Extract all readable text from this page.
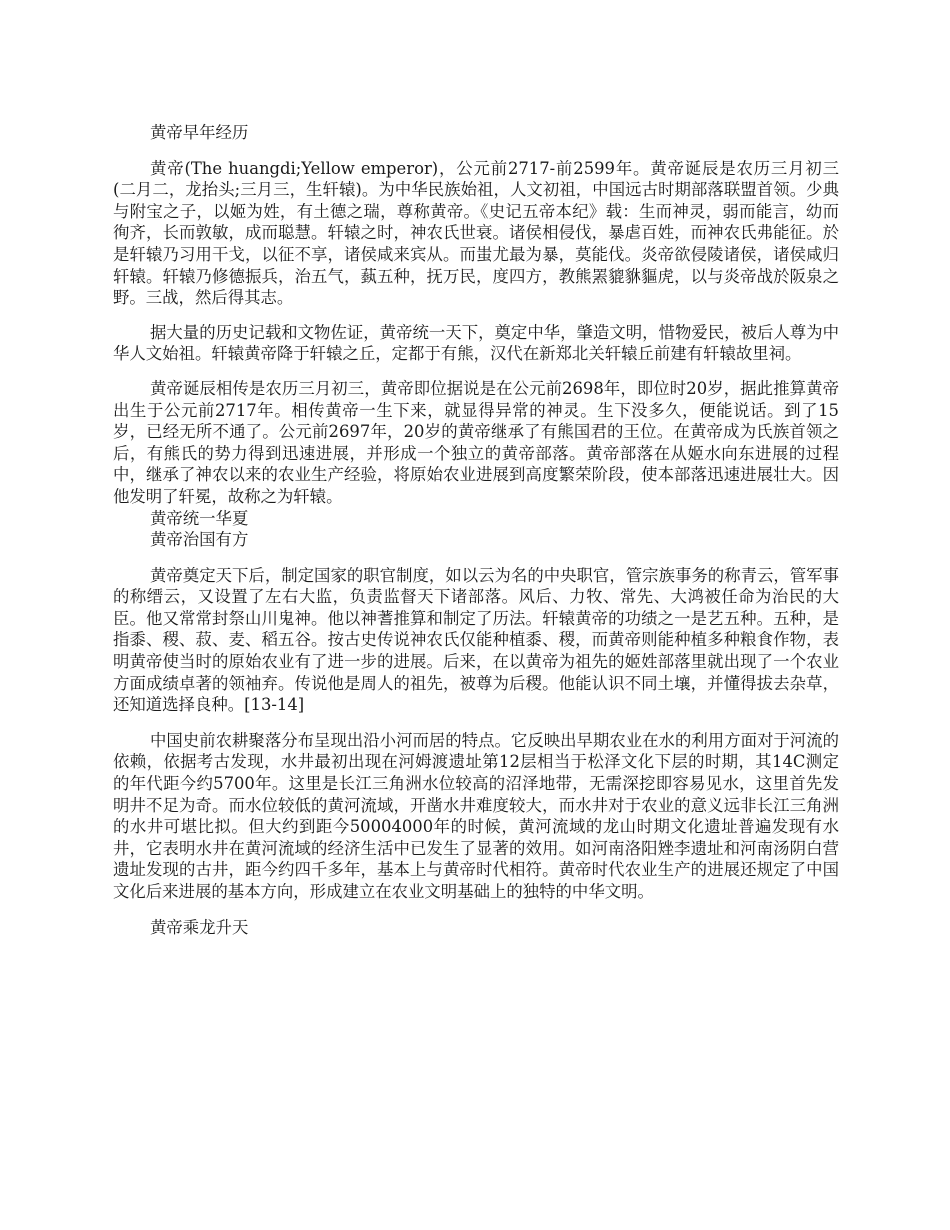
黄帝早年经历

黄帝(The huangdi;Yellow emperor)，公元前2717-前2599年。黄帝诞辰是农历三月初三(二月二，龙抬头;三月三，生轩辕)。为中华民族始祖，人文初祖，中国远古时期部落联盟首领。少典与附宝之子，以姬为姓，有土德之瑞，尊称黄帝。《史记五帝本纪》载：生而神灵，弱而能言，幼而徇齐，长而敦敏，成而聪慧。轩辕之时，神农氏世衰。诸侯相侵伐，暴虐百姓，而神农氏弗能征。於是轩辕乃习用干戈，以征不享，诸侯咸来宾从。而蚩尤最为暴，莫能伐。炎帝欲侵陵诸侯，诸侯咸归轩辕。轩辕乃修德振兵，治五气，蓺五种，抚万民，度四方，教熊罴貔貅貙虎，以与炎帝战於阪泉之野。三战，然后得其志。

据大量的历史记载和文物佐证，黄帝统一天下，奠定中华，肇造文明，惜物爱民，被后人尊为中华人文始祖。轩辕黄帝降于轩辕之丘，定都于有熊，汉代在新郑北关轩辕丘前建有轩辕故里祠。

黄帝诞辰相传是农历三月初三，黄帝即位据说是在公元前2698年，即位时20岁，据此推算黄帝出生于公元前2717年。相传黄帝一生下来，就显得异常的神灵。生下没多久，便能说话。到了15岁，已经无所不通了。公元前2697年，20岁的黄帝继承了有熊国君的王位。在黄帝成为氏族首领之后，有熊氏的势力得到迅速进展，并形成一个独立的黄帝部落。黄帝部落在从姬水向东进展的过程中，继承了神农以来的农业生产经验，将原始农业进展到高度繁荣阶段，使本部落迅速进展壮大。因他发明了轩冕，故称之为轩辕。

黄帝统一华夏

黄帝治国有方

黄帝奠定天下后，制定国家的职官制度，如以云为名的中央职官，管宗族事务的称青云，管军事的称缙云，又设置了左右大监，负责监督天下诸部落。风后、力牧、常先、大鸿被任命为治民的大臣。他又常常封祭山川鬼神。他以神蓍推算和制定了历法。轩辕黄帝的功绩之一是艺五种。五种，是指黍、稷、菽、麦、稻五谷。按古史传说神农氏仅能种植黍、稷，而黄帝则能种植多种粮食作物，表明黄帝使当时的原始农业有了进一步的进展。后来，在以黄帝为祖先的姬姓部落里就出现了一个农业方面成绩卓著的领袖弃。传说他是周人的祖先，被尊为后稷。他能认识不同土壤，并懂得拔去杂草，还知道选择良种。[13-14]

中国史前农耕聚落分布呈现出沿小河而居的特点。它反映出早期农业在水的利用方面对于河流的依赖，依据考古发现，水井最初出现在河姆渡遗址第12层相当于松泽文化下层的时期，其14C测定的年代距今约5700年。这里是长江三角洲水位较高的沼泽地带，无需深挖即容易见水，这里首先发明井不足为奇。而水位较低的黄河流域，开凿水井难度较大，而水井对于农业的意义远非长江三角洲的水井可堪比拟。但大约到距今50004000年的时候，黄河流域的龙山时期文化遗址普遍发现有水井，它表明水井在黄河流域的经济生活中已发生了显著的效用。如河南洛阳矬李遗址和河南汤阴白营遗址发现的古井，距今约四千多年，基本上与黄帝时代相符。黄帝时代农业生产的进展还规定了中国文化后来进展的基本方向，形成建立在农业文明基础上的独特的中华文明。

黄帝乘龙升天
